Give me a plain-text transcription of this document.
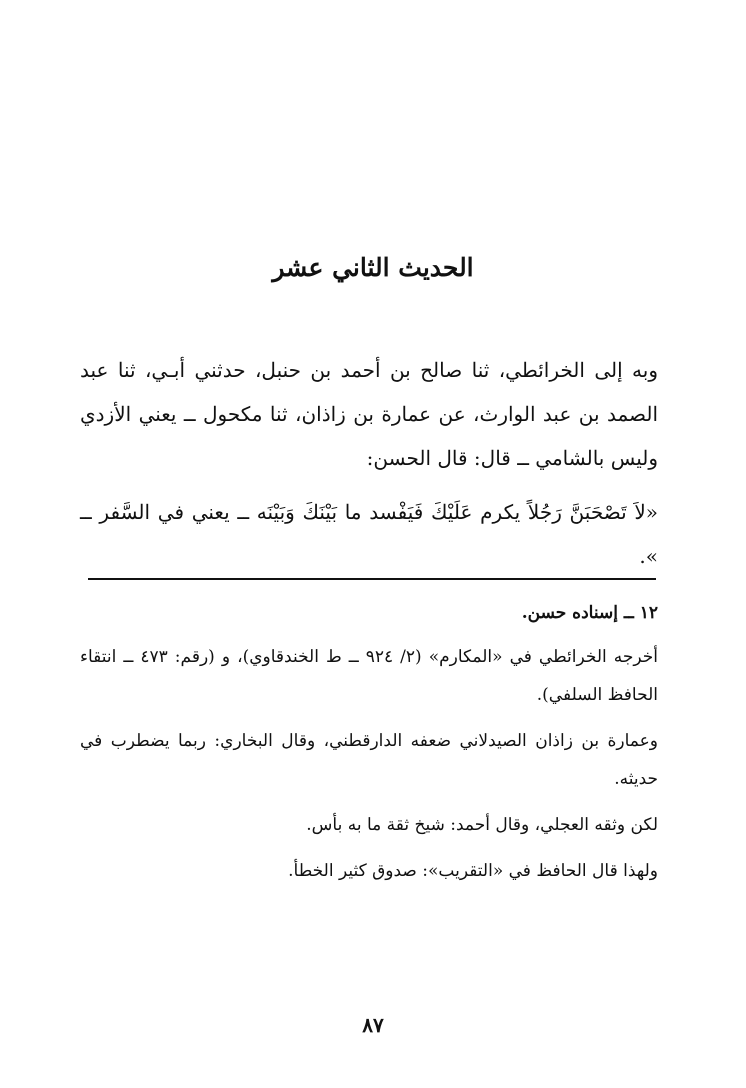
الحديث الثاني عشر

وبه إلى الخرائطي، ثنا صالح بن أحمد بن حنبل، حدثني أبـي، ثنا عبد الصمد بن عبد الوارث، عن عمارة بن زاذان، ثنا مكحول ــ يعني الأزدي وليس بالشامي ــ قال: قال الحسن:

«لاَ تَصْحَبَنَّ رَجُلاً يكرم عَلَيْكَ فَيَفْسد ما بَيْنَكَ وَبَيْنَه ــ يعني في السَّفر ــ ».

١٢ ــ إسناده حسن.

أخرجه الخرائطي في «المكارم» (٢/ ٩٢٤ ــ ط الخندقاوي)، و (رقم: ٤٧٣ ــ انتقاء الحافظ السلفي).

وعمارة بن زاذان الصيدلاني ضعفه الدارقطني، وقال البخاري: ربما يضطرب في حديثه.

لكن وثقه العجلي، وقال أحمد: شيخ ثقة ما به بأس.

ولهذا قال الحافظ في «التقريب»: صدوق كثير الخطأ.

٨٧
